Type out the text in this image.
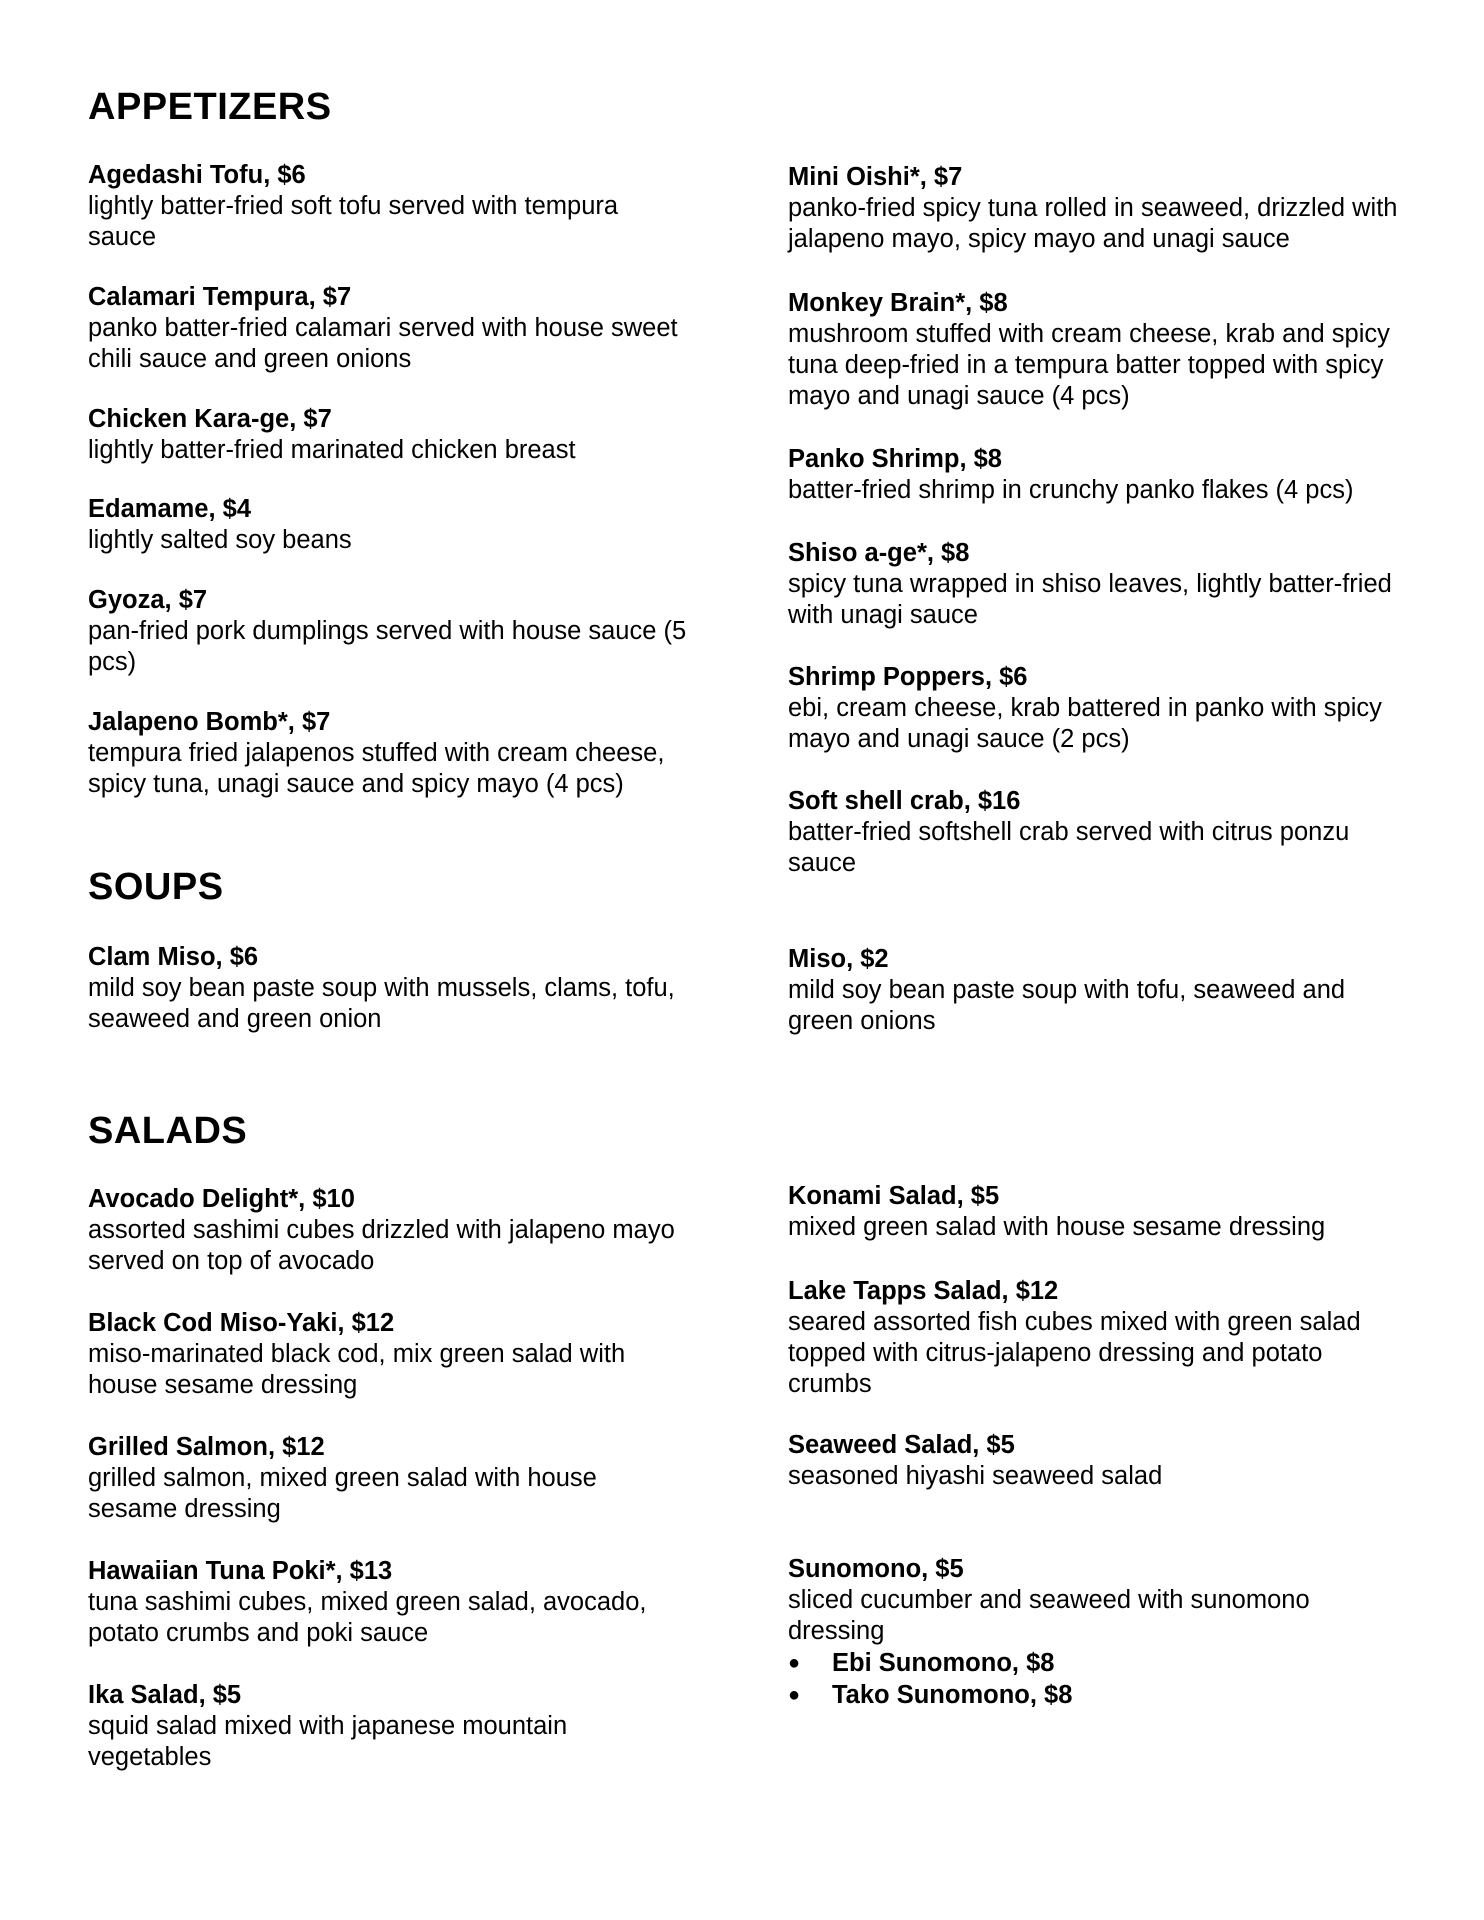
APPETIZERS
Agedashi Tofu, $6
lightly batter-fried soft tofu served with tempura sauce
Calamari Tempura, $7
panko batter-fried calamari served with house sweet chili sauce and green onions
Chicken Kara-ge, $7
lightly batter-fried marinated chicken breast
Edamame, $4
lightly salted soy beans
Gyoza, $7
pan-fried pork dumplings served with house sauce (5 pcs)
Jalapeno Bomb*, $7
tempura fried jalapenos stuffed with cream cheese, spicy tuna, unagi sauce and spicy mayo (4 pcs)
Mini Oishi*, $7
panko-fried spicy tuna rolled in seaweed, drizzled with jalapeno mayo, spicy mayo and unagi sauce
Monkey Brain*, $8
mushroom stuffed with cream cheese, krab and spicy tuna deep-fried in a tempura batter topped with spicy mayo and unagi sauce (4 pcs)
Panko Shrimp, $8
batter-fried shrimp in crunchy panko flakes (4 pcs)
Shiso a-ge*, $8
spicy tuna wrapped in shiso leaves, lightly batter-fried with unagi sauce
Shrimp Poppers, $6
ebi, cream cheese, krab battered in panko with spicy mayo and unagi sauce (2 pcs)
Soft shell crab, $16
batter-fried softshell crab served with citrus ponzu sauce
SOUPS
Clam Miso, $6
mild soy bean paste soup with mussels, clams, tofu, seaweed and green onion
Miso, $2
mild soy bean paste soup with tofu, seaweed and green onions
SALADS
Avocado Delight*, $10
assorted sashimi cubes drizzled with jalapeno mayo served on top of avocado
Black Cod Miso-Yaki, $12
miso-marinated black cod, mix green salad with house sesame dressing
Grilled Salmon, $12
grilled salmon, mixed green salad with house sesame dressing
Hawaiian Tuna Poki*, $13
tuna sashimi cubes, mixed green salad, avocado, potato crumbs and poki sauce
Ika Salad, $5
squid salad mixed with japanese mountain vegetables
Konami Salad, $5
mixed green salad with house sesame dressing
Lake Tapps Salad, $12
seared assorted fish cubes mixed with green salad topped with citrus-jalapeno dressing and potato crumbs
Seaweed Salad, $5
seasoned hiyashi seaweed salad
Sunomono, $5
sliced cucumber and seaweed with sunomono dressing
● Ebi Sunomono, $8
● Tako Sunomono, $8
